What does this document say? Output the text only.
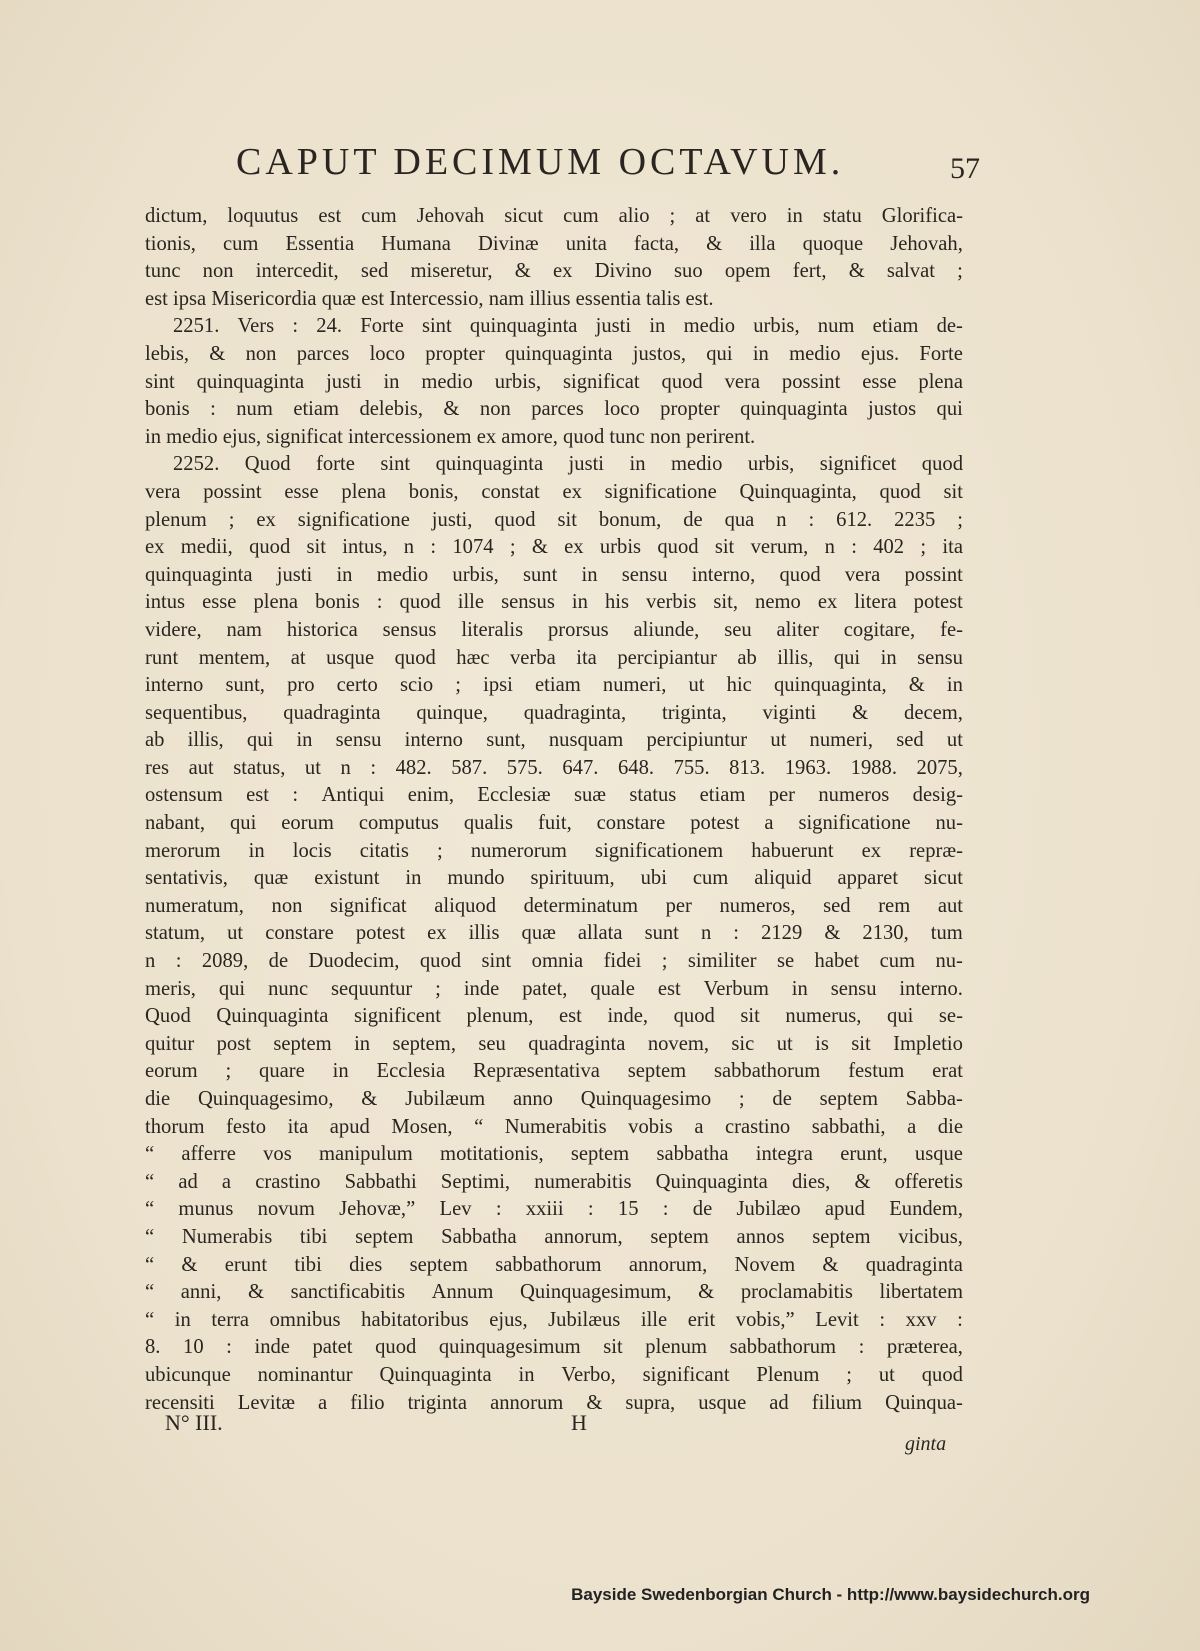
CAPUT DECIMUM OCTAVUM.	57
dictum, loquutus est cum Jehovah sicut cum alio ; at vero in statu Glorifica-
tionis, cum Essentia Humana Divinæ unita facta, & illa quoque Jehovah,
tunc non intercedit, sed miseretur, & ex Divino suo opem fert, & salvat ;
est ipsa Misericordia quæ est Intercessio, nam illius essentia talis est.
2251. Vers : 24. Forte sint quinquaginta justi in medio urbis, num etiam de-
lebis, & non parces loco propter quinquaginta justos, qui in medio ejus. Forte
sint quinquaginta justi in medio urbis, significat quod vera possint esse plena
bonis : num etiam delebis, & non parces loco propter quinquaginta justos qui
in medio ejus, significat intercessionem ex amore, quod tunc non perirent.
2252. Quod forte sint quinquaginta justi in medio urbis, significet quod
vera possint esse plena bonis, constat ex significatione Quinquaginta, quod sit
plenum ; ex significatione justi, quod sit bonum, de qua n : 612. 2235 ;
ex medii, quod sit intus, n : 1074 ; & ex urbis quod sit verum, n : 402 ; ita
quinquaginta justi in medio urbis, sunt in sensu interno, quod vera possint
intus esse plena bonis : quod ille sensus in his verbis sit, nemo ex litera potest
videre, nam historica sensus literalis prorsus aliunde, seu aliter cogitare, fe-
runt mentem, at usque quod hæc verba ita percipiantur ab illis, qui in sensu
interno sunt, pro certo scio ; ipsi etiam numeri, ut hic quinquaginta, & in
sequentibus, quadraginta quinque, quadraginta, triginta, viginti & decem,
ab illis, qui in sensu interno sunt, nusquam percipiuntur ut numeri, sed ut
res aut status, ut n : 482. 587. 575. 647. 648. 755. 813. 1963. 1988. 2075,
ostensum est : Antiqui enim, Ecclesiæ suæ status etiam per numeros desig-
nabant, qui eorum computus qualis fuit, constare potest a significatione nu-
merorum in locis citatis ; numerorum significationem habuerunt ex repræ-
sentativis, quæ existunt in mundo spirituum, ubi cum aliquid apparet sicut
numeratum, non significat aliquod determinatum per numeros, sed rem aut
statum, ut constare potest ex illis quæ allata sunt n : 2129 & 2130, tum
n : 2089, de Duodecim, quod sint omnia fidei ; similiter se habet cum nu-
meris, qui nunc sequuntur ; inde patet, quale est Verbum in sensu interno.
Quod Quinquaginta significent plenum, est inde, quod sit numerus, qui se-
quitur post septem in septem, seu quadraginta novem, sic ut is sit Impletio
eorum ; quare in Ecclesia Repræsentativa septem sabbathorum festum erat
die Quinquagesimo, & Jubilæum anno Quinquagesimo ; de septem Sabba-
thorum festo ita apud Mosen, “ Numerabitis vobis a crastino sabbathi, a die
“ afferre vos manipulum motitationis, septem sabbatha integra erunt, usque
“ ad a crastino Sabbathi Septimi, numerabitis Quinquaginta dies, & offeretis
“ munus novum Jehovæ,” Lev : xxiii : 15 : de Jubilæo apud Eundem,
“ Numerabis tibi septem Sabbatha annorum, septem annos septem vicibus,
“ & erunt tibi dies septem sabbathorum annorum, Novem & quadraginta
“ anni, & sanctificabitis Annum Quinquagesimum, & proclamabitis libertatem
“ in terra omnibus habitatoribus ejus, Jubilæus ille erit vobis,” Levit : xxv :
8. 10 : inde patet quod quinquagesimum sit plenum sabbathorum : præterea,
ubicunque nominantur Quinquaginta in Verbo, significant Plenum ; ut quod
recensiti Levitæ a filio triginta annorum & supra, usque ad filium Quinqua-
N° III.	H
ginta
Bayside Swedenborgian Church - http://www.baysidechurch.org
